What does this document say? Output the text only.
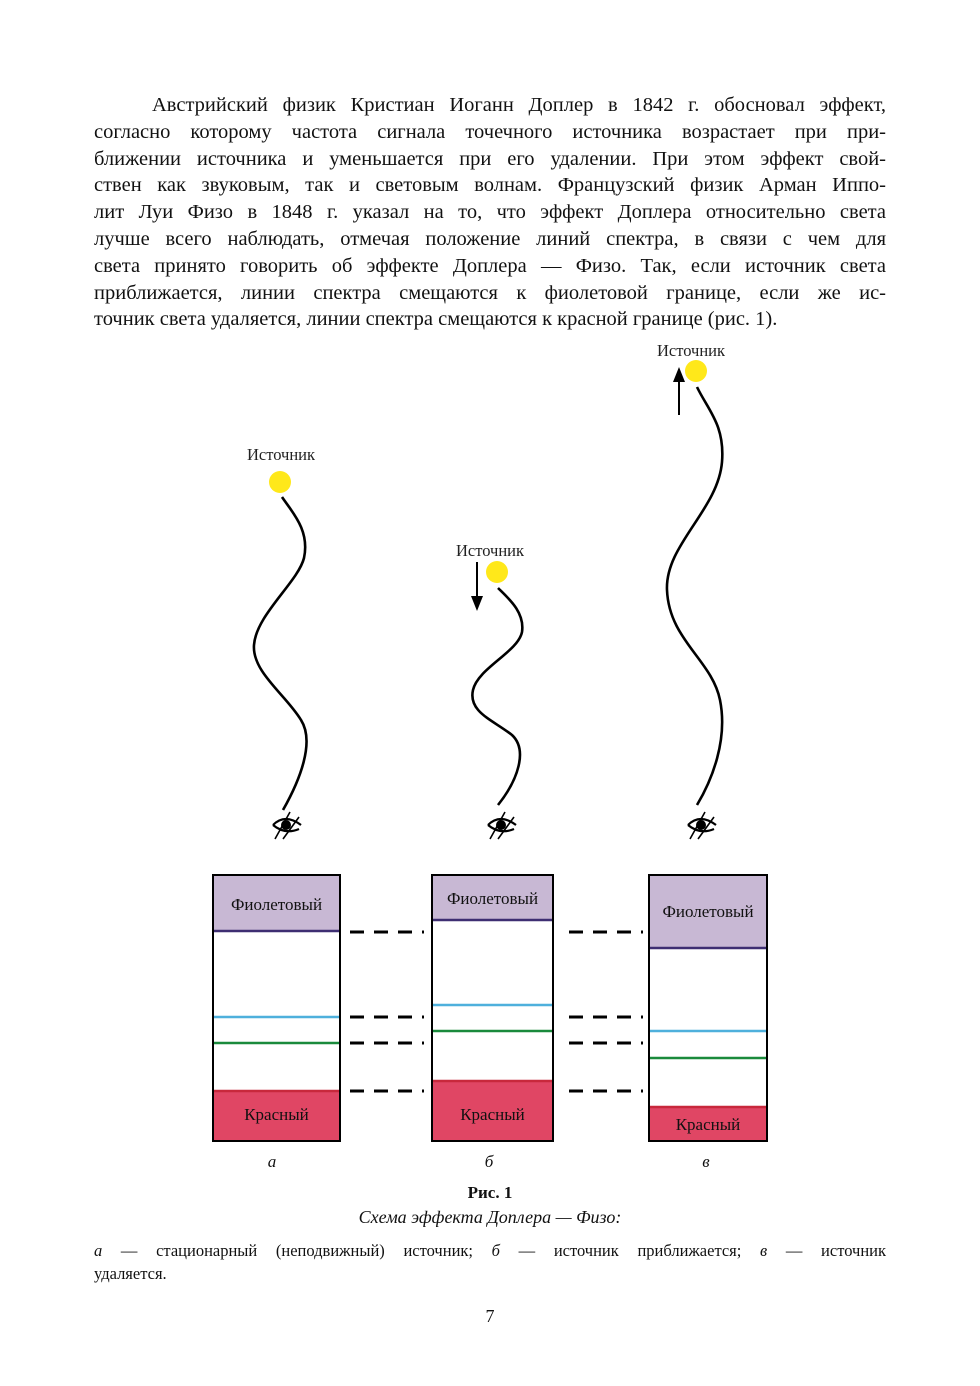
Австрийский физик Кристиан Иоганн Доплер в 1842 г. обосновал эффект,
согласно которому частота сигнала точечного источника возрастает при при-
ближении источника и уменьшается при его удалении. При этом эффект свой-
ствен как звуковым, так и световым волнам. Французский физик Арман Иппо-
лит Луи Физо в 1848 г. указал на то, что эффект Доплера относительно света
лучше всего наблюдать, отмечая положение линий спектра, в связи с чем для
света принято говорить об эффекте Доплера — Физо. Так, если источник света
приближается, линии спектра смещаются к фиолетовой границе, если же ис-
точник света удаляется, линии спектра смещаются к красной границе (рис. 1).
Источник
Источник
Источник
Фиолетовый
Красный
Фиолетовый
Красный
Фиолетовый
Красный
а	б	в
Рис. 1
Схема эффекта Доплера — Физо:
а — стационарный (неподвижный) источник; б — источник приближается; в — источник
удаляется.
7
